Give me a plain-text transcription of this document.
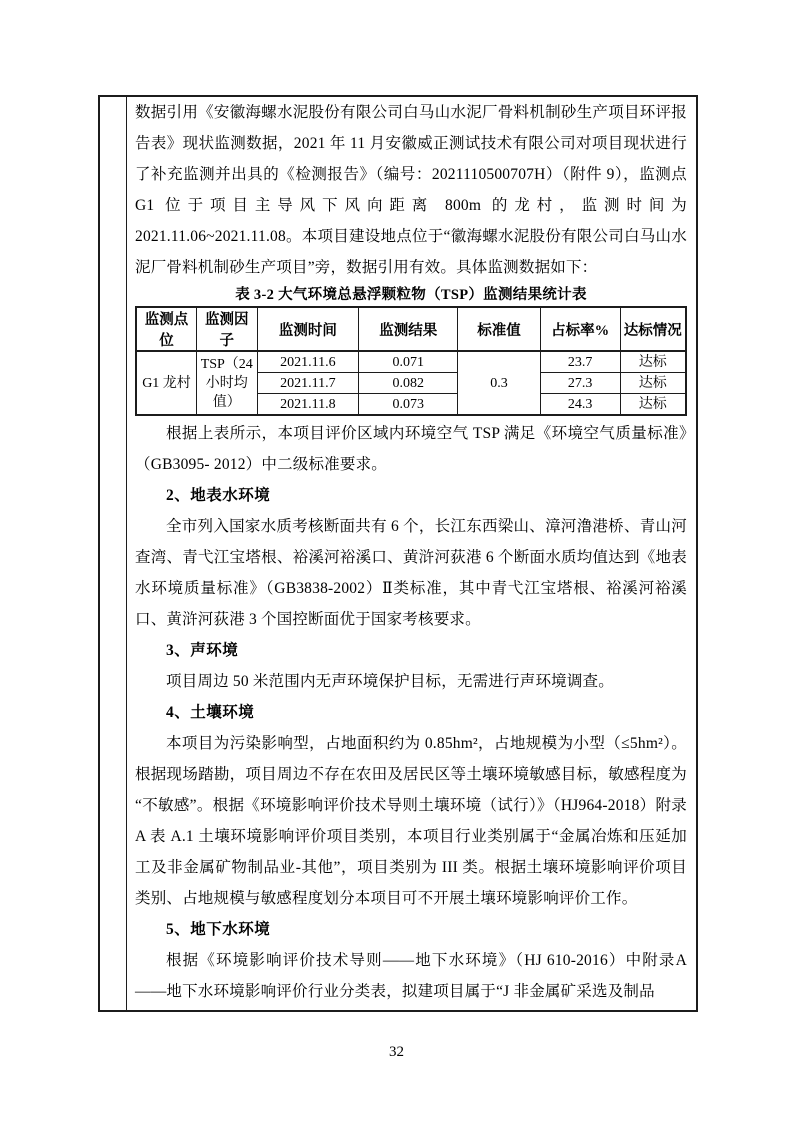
数据引用《安徽海螺水泥股份有限公司白马山水泥厂骨料机制砂生产项目环评报告表》现状监测数据，2021 年 11 月安徽威正测试技术有限公司对项目现状进行了补充监测并出具的《检测报告》（编号：2021110500707H）（附件 9），监测点 G1 位于项目主导风下风向距离 800m 的龙村，监测时间为2021.11.06~2021.11.08。本项目建设地点位于“徽海螺水泥股份有限公司白马山水泥厂骨料机制砂生产项目”旁，数据引用有效。具体监测数据如下：

表 3-2 大气环境总悬浮颗粒物（TSP）监测结果统计表

监测点位	监测因子	监测时间	监测结果	标准值	占标率%	达标情况
G1 龙村	TSP（24小时均值）	2021.11.6	0.071	0.3	23.7	达标
		2021.11.7	0.082		27.3	达标
		2021.11.8	0.073		24.3	达标

根据上表所示，本项目评价区域内环境空气 TSP 满足《环境空气质量标准》（GB3095- 2012）中二级标准要求。

2、地表水环境

全市列入国家水质考核断面共有 6 个，长江东西梁山、漳河澛港桥、青山河查湾、青弋江宝塔根、裕溪河裕溪口、黄浒河荻港 6 个断面水质均值达到《地表水环境质量标准》（GB3838-2002）Ⅱ类标准，其中青弋江宝塔根、裕溪河裕溪口、黄浒河荻港 3 个国控断面优于国家考核要求。

3、声环境

项目周边 50 米范围内无声环境保护目标，无需进行声环境调查。

4、土壤环境

本项目为污染影响型，占地面积约为 0.85hm²，占地规模为小型（≤5hm²）。根据现场踏勘，项目周边不存在农田及居民区等土壤环境敏感目标，敏感程度为“不敏感”。根据《环境影响评价技术导则土壤环境（试行）》（HJ964-2018）附录 A 表 A.1 土壤环境影响评价项目类别，本项目行业类别属于“金属冶炼和压延加工及非金属矿物制品业-其他”，项目类别为 III 类。根据土壤环境影响评价项目类别、占地规模与敏感程度划分本项目可不开展土壤环境影响评价工作。

5、地下水环境

根据《环境影响评价技术导则——地下水环境》（HJ 610-2016）中附录A——地下水环境影响评价行业分类表，拟建项目属于“J 非金属矿采选及制品

32
